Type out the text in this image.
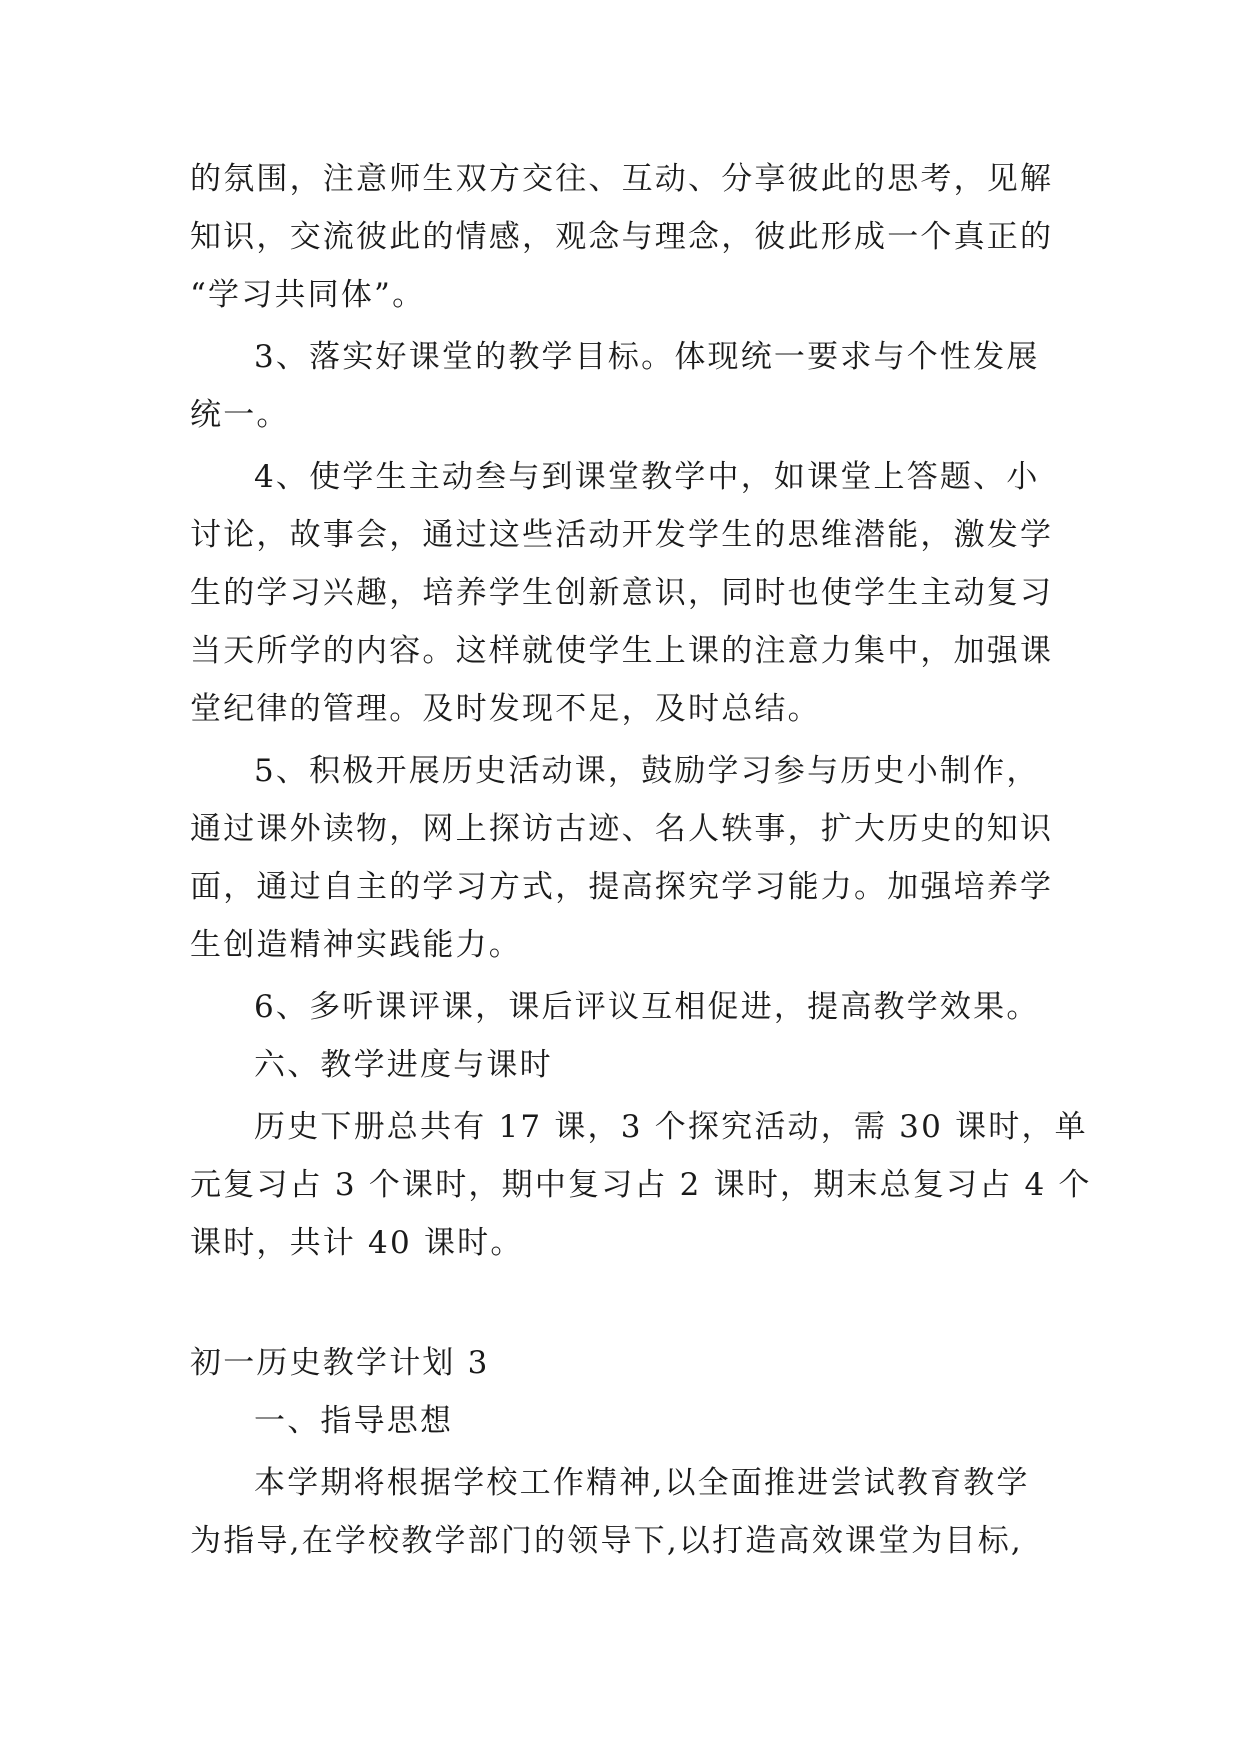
的氛围，注意师生双方交往、互动、分享彼此的思考，见解
知识，交流彼此的情感，观念与理念，彼此形成一个真正的
“学习共同体”。
3、落实好课堂的教学目标。体现统一要求与个性发展
统一。
4、使学生主动叁与到课堂教学中，如课堂上答题、小
讨论，故事会，通过这些活动开发学生的思维潜能，激发学
生的学习兴趣，培养学生创新意识，同时也使学生主动复习
当天所学的内容。这样就使学生上课的注意力集中，加强课
堂纪律的管理。及时发现不足，及时总结。
5、积极开展历史活动课，鼓励学习参与历史小制作，
通过课外读物，网上探访古迹、名人轶事，扩大历史的知识
面，通过自主的学习方式，提高探究学习能力。加强培养学
生创造精神实践能力。
6、多听课评课，课后评议互相促进，提高教学效果。
六、教学进度与课时
历史下册总共有 17 课，3 个探究活动，需 30 课时，单
元复习占 3 个课时，期中复习占 2 课时，期末总复习占 4 个
课时，共计 40 课时。
初一历史教学计划 3
一、指导思想
本学期将根据学校工作精神,以全面推进尝试教育教学
为指导,在学校教学部门的领导下,以打造高效课堂为目标,
